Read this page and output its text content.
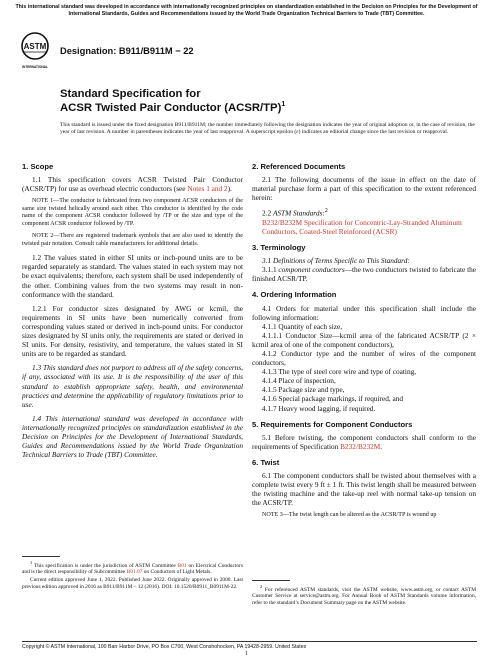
This international standard was developed in accordance with internationally recognized principles on standardization established in the Decision on Principles for the Development of International Standards, Guides and Recommendations issued by the World Trade Organization Technical Barriers to Trade (TBT) Committee.
ASTM
INTERNATIONAL
Designation: B911/B911M − 22
Standard Specification for
ACSR Twisted Pair Conductor (ACSR/TP)$^1$
This standard is issued under the fixed designation B911/B911M; the number immediately following the designation indicates the year of original adoption or, in the case of revision, the year of last revision. A number in parentheses indicates the year of last reapproval. A superscript epsilon (ε) indicates an editorial change since the last revision or reapproval.
1. Scope

1.1 This specification covers ACSR Twisted Pair Conductor (ACSR/TP) for use as overhead electric conductors (see Notes 1 and 2).

NOTE 1—The conductor is fabricated from two component ACSR conductors of the same size twisted helically around each other. This conductor is identified by the code name of the component ACSR conductor followed by /TP or the size and type of the component ACSR conductor followed by /TP.

NOTE 2—There are registered trademark symbols that are also used to identify the twisted pair notation. Consult cable manufacturers for additional details.

1.2 The values stated in either SI units or inch-pound units are to be regarded separately as standard. The values stated in each system may not be exact equivalents; therefore, each system shall be used independently of the other. Combining values from the two systems may result in non-conformance with the standard.

1.2.1 For conductor sizes designated by AWG or kcmil, the requirements in SI units have been numerically converted from corresponding values stated or derived in inch-pound units. For conductor sizes designated by SI units only, the requirements are stated or derived in SI units. For density, resistivity, and temperature, the values stated in SI units are to be regarded as standard.

1.3 This standard does not purport to address all of the safety concerns, if any, associated with its use. It is the responsibility of the user of this standard to establish appropriate safety, health, and environmental practices and determine the applicability of regulatory limitations prior to use.

1.4 This international standard was developed in accordance with internationally recognized principles on standardization established in the Decision on Principles for the Development of International Standards, Guides and Recommendations issued by the World Trade Organization Technical Barriers to Trade (TBT) Committee.

$^1$ This specification is under the jurisdiction of ASTM Committee B01 on Electrical Conductors and is the direct responsibility of Subcommittee B01.07 on Conductors of Light Metals.

Current edition approved June 1, 2022. Published June 2022. Originally approved in 2000. Last previous edition approved in 2016 as B911/B911M – 12 (2016). DOI: 10.1520/B0911_B0911M-22.

2. Referenced Documents

2.1 The following documents of the issue in effect on the date of material purchase form a part of this specification to the extent referenced herein:

2.2 ASTM Standards:$^2$

B232/B232M Specification for Concentric-Lay-Stranded Aluminum Conductors, Coated-Steel Reinforced (ACSR)

3. Terminology

3.1 Definitions of Terms Specific to This Standard:

3.1.1 component conductors—the two conductors twisted to fabricate the finished ACSR/TP.

4. Ordering Information

4.1 Orders for material under this specification shall include the following information:

4.1.1 Quantity of each size,

4.1.1.1 Conductor Size—kcmil area of the fabricated ACSR/TP (2 × kcmil area of one of the component conductors),

4.1.2 Conductor type and the number of wires of the component conductors,

4.1.3 The type of steel core wire and type of coating,

4.1.4 Place of inspection,

4.1.5 Package size and type,

4.1.6 Special package markings, if required, and

4.1.7 Heavy wood lagging, if required.

5. Requirements for Component Conductors

5.1 Before twisting, the component conductors shall conform to the requirements of Specification B232/B232M.

6. Twist

6.1 The component conductors shall be twisted about themselves with a complete twist every 9 ft ± 1 ft. This twist length shall be measured between the twisting machine and the take-up reel with normal take-up tension on the ACSR/TP.

NOTE 3—The twist length can be altered as the ACSR/TP is wound up

$^2$ For referenced ASTM standards, visit the ASTM website, www.astm.org, or contact ASTM Customer Service at service@astm.org. For Annual Book of ASTM Standards volume information, refer to the standard’s Document Summary page on the ASTM website.

Copyright © ASTM International, 100 Barr Harbor Drive, PO Box C700, West Conshohocken, PA 19428-2959. United States
1
